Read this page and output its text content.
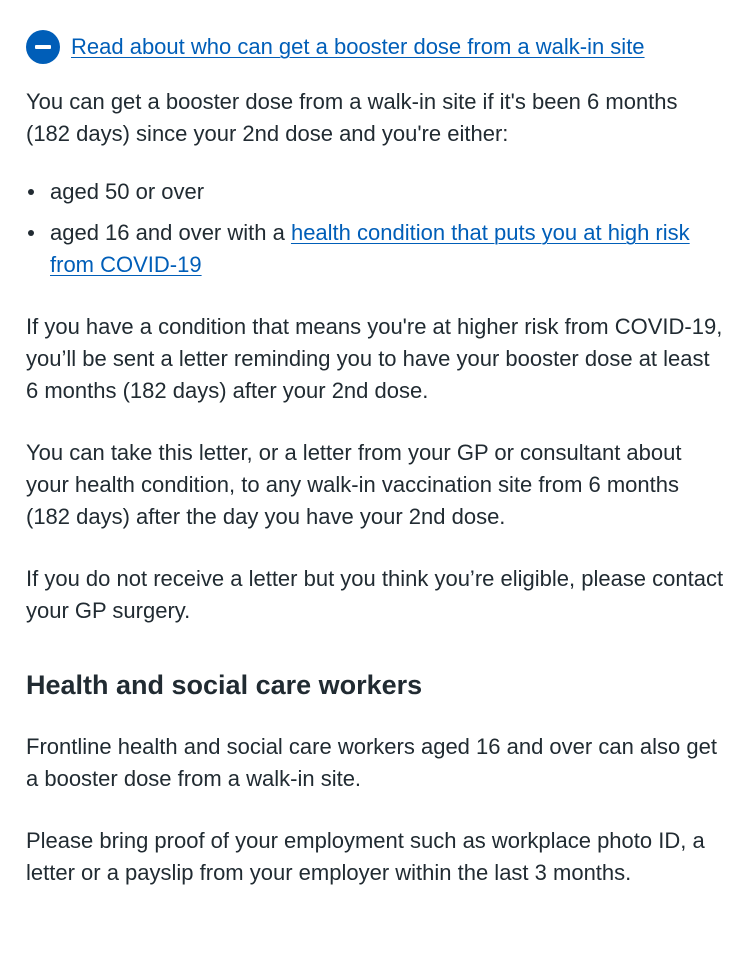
Read about who can get a booster dose from a walk-in site

You can get a booster dose from a walk-in site if it's been 6 months (182 days) since your 2nd dose and you're either:

aged 50 or over
aged 16 and over with a health condition that puts you at high risk from COVID-19

If you have a condition that means you're at higher risk from COVID-19, you’ll be sent a letter reminding you to have your booster dose at least 6 months (182 days) after your 2nd dose.

You can take this letter, or a letter from your GP or consultant about your health condition, to any walk-in vaccination site from 6 months (182 days) after the day you have your 2nd dose.

If you do not receive a letter but you think you’re eligible, please contact your GP surgery.

Health and social care workers

Frontline health and social care workers aged 16 and over can also get a booster dose from a walk-in site.

Please bring proof of your employment such as workplace photo ID, a letter or a payslip from your employer within the last 3 months.
